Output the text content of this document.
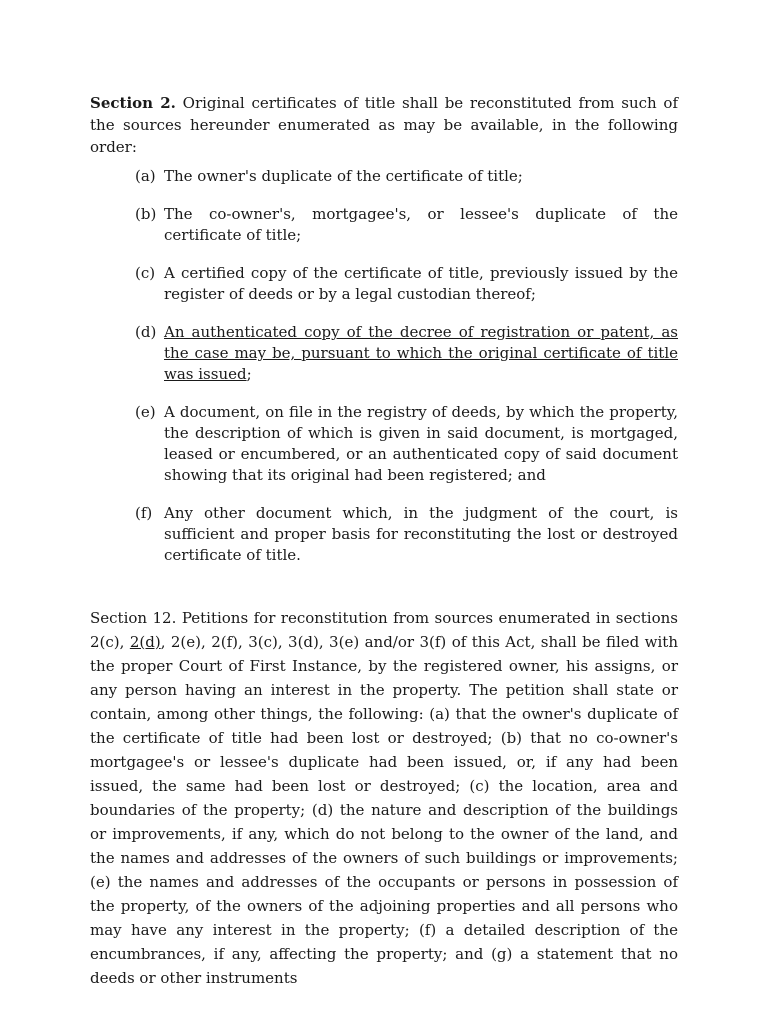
Section 2. Original certificates of title shall be reconstituted from such of the sources hereunder enumerated as may be available, in the following order:

(a) The owner's duplicate of the certificate of title;
(b) The co-owner's, mortgagee's, or lessee's duplicate of the certificate of title;
(c) A certified copy of the certificate of title, previously issued by the register of deeds or by a legal custodian thereof;
(d) An authenticated copy of the decree of registration or patent, as the case may be, pursuant to which the original certificate of title was issued;
(e) A document, on file in the registry of deeds, by which the property, the description of which is given in said document, is mortgaged, leased or encumbered, or an authenticated copy of said document showing that its original had been registered; and
(f) Any other document which, in the judgment of the court, is sufficient and proper basis for reconstituting the lost or destroyed certificate of title.

Section 12. Petitions for reconstitution from sources enumerated in sections 2(c), 2(d), 2(e), 2(f), 3(c), 3(d), 3(e) and/or 3(f) of this Act, shall be filed with the proper Court of First Instance, by the registered owner, his assigns, or any person having an interest in the property. The petition shall state or contain, among other things, the following: (a) that the owner's duplicate of the certificate of title had been lost or destroyed; (b) that no co-owner's mortgagee's or lessee's duplicate had been issued, or, if any had been issued, the same had been lost or destroyed; (c) the location, area and boundaries of the property; (d) the nature and description of the buildings or improvements, if any, which do not belong to the owner of the land, and the names and addresses of the owners of such buildings or improvements; (e) the names and addresses of the occupants or persons in possession of the property, of the owners of the adjoining properties and all persons who may have any interest in the property; (f) a detailed description of the encumbrances, if any, affecting the property; and (g) a statement that no deeds or other instruments
